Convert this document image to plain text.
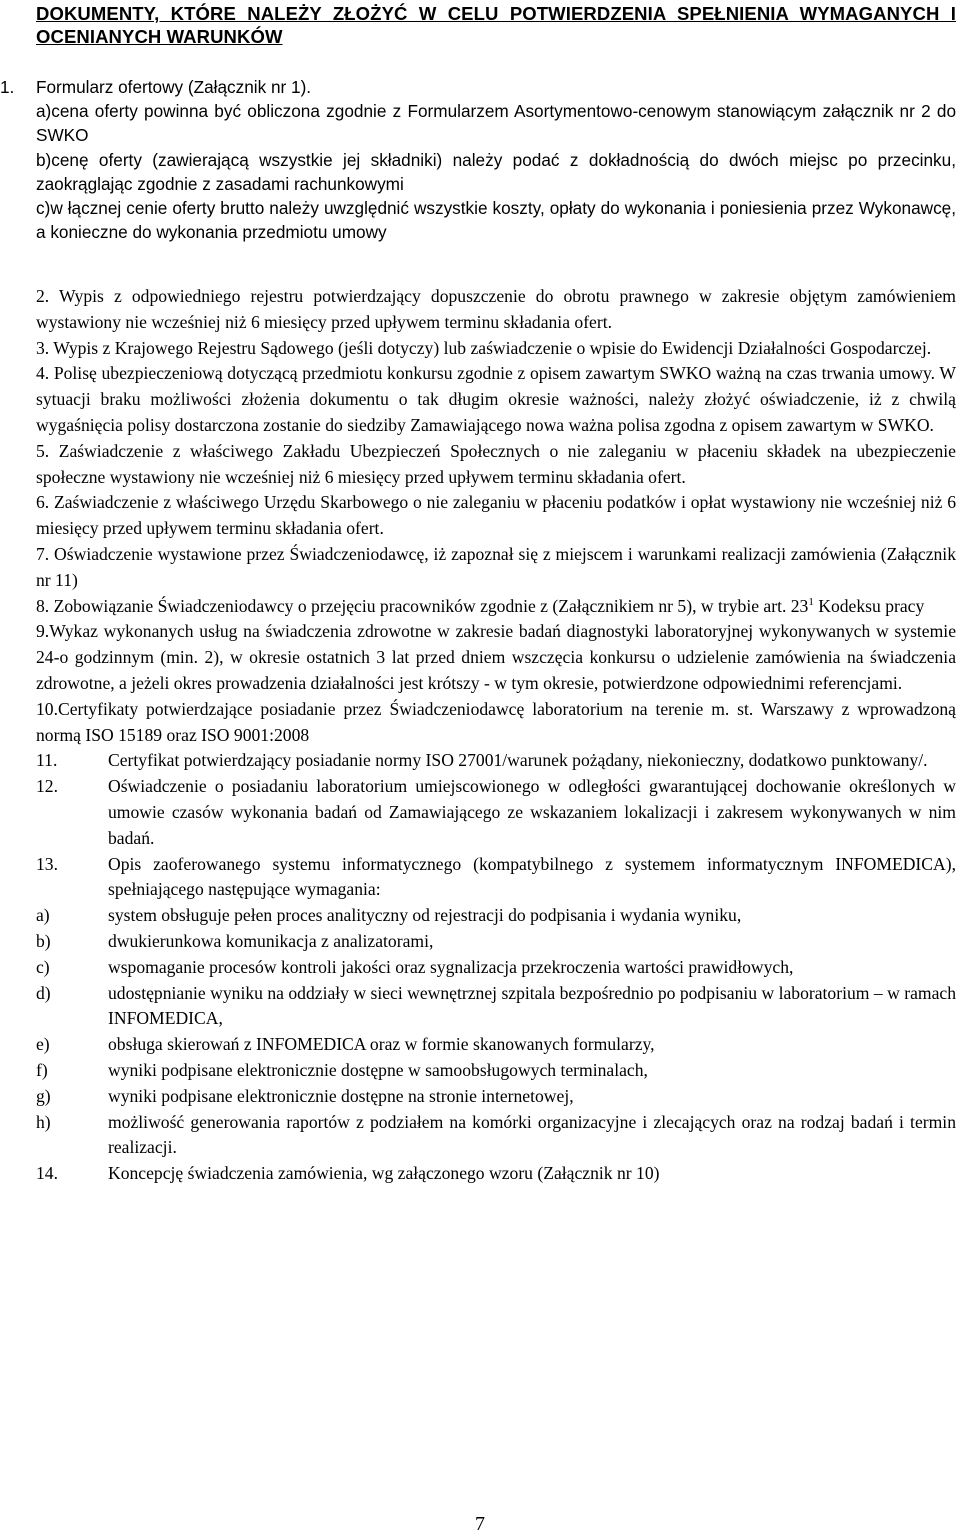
DOKUMENTY, KTÓRE NALEŻY ZŁOŻYĆ W CELU POTWIERDZENIA SPEŁNIENIA WYMAGANYCH I OCENIANYCH WARUNKÓW

1. Formularz ofertowy (Załącznik nr 1).

a)cena oferty powinna być obliczona zgodnie z Formularzem Asortymentowo-cenowym stanowiącym załącznik nr 2 do SWKO

b)cenę oferty (zawierającą wszystkie jej składniki) należy podać z dokładnością do dwóch miejsc po przecinku, zaokrąglając zgodnie z zasadami rachunkowymi

c)w łącznej cenie oferty brutto należy uwzględnić wszystkie koszty, opłaty do wykonania i poniesienia przez Wykonawcę, a konieczne do wykonania przedmiotu umowy

2. Wypis z odpowiedniego rejestru potwierdzający dopuszczenie do obrotu prawnego w zakresie objętym zamówieniem wystawiony nie wcześniej niż 6 miesięcy przed upływem terminu składania ofert.

3. Wypis z Krajowego Rejestru Sądowego (jeśli dotyczy) lub zaświadczenie o wpisie do Ewidencji Działalności Gospodarczej.

4. Polisę ubezpieczeniową dotyczącą przedmiotu konkursu zgodnie z opisem zawartym SWKO ważną na czas trwania umowy. W sytuacji braku możliwości złożenia dokumentu o tak długim okresie ważności, należy złożyć oświadczenie, iż z chwilą wygaśnięcia polisy dostarczona zostanie do siedziby Zamawiającego nowa ważna polisa zgodna z opisem zawartym w SWKO.

5. Zaświadczenie z właściwego Zakładu Ubezpieczeń Społecznych o nie zaleganiu w płaceniu składek na ubezpieczenie społeczne wystawiony nie wcześniej niż 6 miesięcy przed upływem terminu składania ofert.

6. Zaświadczenie z właściwego Urzędu Skarbowego o nie zaleganiu w płaceniu podatków i opłat wystawiony nie wcześniej niż 6 miesięcy przed upływem terminu składania ofert.

7. Oświadczenie wystawione przez Świadczeniodawcę, iż zapoznał się z miejscem i warunkami realizacji zamówienia (Załącznik nr 11)

8. Zobowiązanie Świadczeniodawcy o przejęciu pracowników zgodnie z (Załącznikiem nr 5), w trybie art. $23^1$ Kodeksu pracy

9.Wykaz wykonanych usług na świadczenia zdrowotne w zakresie badań diagnostyki laboratoryjnej wykonywanych w systemie 24-o godzinnym (min. 2), w okresie ostatnich 3 lat przed dniem wszczęcia konkursu o udzielenie zamówienia na świadczenia zdrowotne, a jeżeli okres prowadzenia działalności jest krótszy - w tym okresie, potwierdzone odpowiednimi referencjami.

10.Certyfikaty potwierdzające posiadanie przez Świadczeniodawcę laboratorium na terenie m. st. Warszawy z wprowadzoną normą ISO 15189 oraz ISO 9001:2008

11.	Certyfikat potwierdzający posiadanie normy ISO 27001/warunek pożądany, niekonieczny, dodatkowo punktowany/.
12.	Oświadczenie o posiadaniu laboratorium umiejscowionego w odległości gwarantującej dochowanie określonych w umowie czasów wykonania badań od Zamawiającego ze wskazaniem lokalizacji i zakresem wykonywanych w nim badań.
13.	Opis zaoferowanego systemu informatycznego (kompatybilnego z systemem informatycznym INFOMEDICA), spełniającego następujące wymagania:
a)	system obsługuje pełen proces analityczny od rejestracji do podpisania i wydania wyniku,
b)	dwukierunkowa komunikacja z analizatorami,
c)	wspomaganie procesów kontroli jakości oraz sygnalizacja przekroczenia wartości prawidłowych,
d)	udostępnianie wyniku na oddziały w sieci wewnętrznej szpitala bezpośrednio po podpisaniu w laboratorium – w ramach INFOMEDICA,
e)	obsługa skierowań z INFOMEDICA oraz w formie skanowanych formularzy,
f)	wyniki podpisane elektronicznie dostępne w samoobsługowych terminalach,
g)	wyniki podpisane elektronicznie dostępne na stronie internetowej,
h)	możliwość generowania raportów z podziałem na komórki organizacyjne i zlecających oraz na rodzaj badań i termin realizacji.
14.	Koncepcję świadczenia zamówienia, wg załączonego wzoru (Załącznik nr 10)
7
